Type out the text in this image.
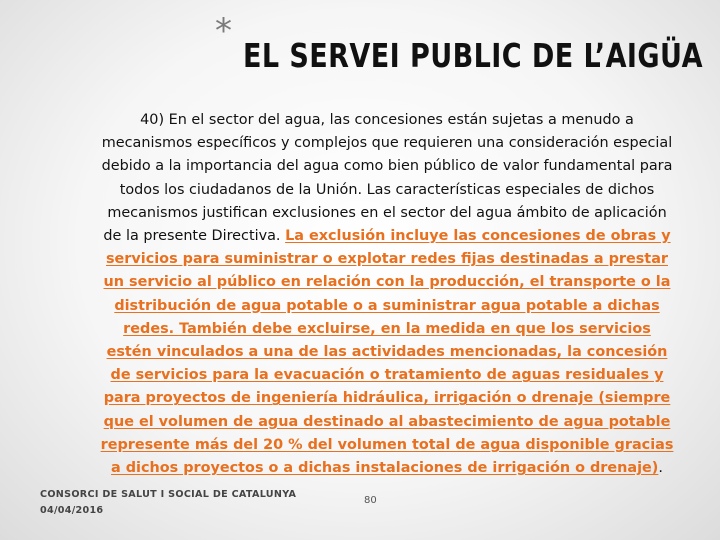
*
EL SERVEI PUBLIC DE L’AIGÜA
40) En el sector del agua, las concesiones están sujetas a menudo a mecanismos específicos y complejos que requieren una consideración especial debido a la importancia del agua como bien público de valor fundamental para todos los ciudadanos de la Unión. Las características especiales de dichos mecanismos justifican exclusiones en el sector del agua ámbito de aplicación de la presente Directiva. La exclusión incluye las concesiones de obras y servicios para suministrar o explotar redes fijas destinadas a prestar un servicio al público en relación con la producción, el transporte o la distribución de agua potable o a suministrar agua potable a dichas redes. También debe excluirse, en la medida en que los servicios estén vinculados a una de las actividades mencionadas, la concesión de servicios para la evacuación o tratamiento de aguas residuales y para proyectos de ingeniería hidráulica, irrigación o drenaje (siempre que el volumen de agua destinado al abastecimiento de agua potable represente más del 20 % del volumen total de agua disponible gracias a dichos proyectos o a dichas instalaciones de irrigación o drenaje).
CONSORCI DE SALUT I SOCIAL DE CATALUNYA
04/04/2016
80
